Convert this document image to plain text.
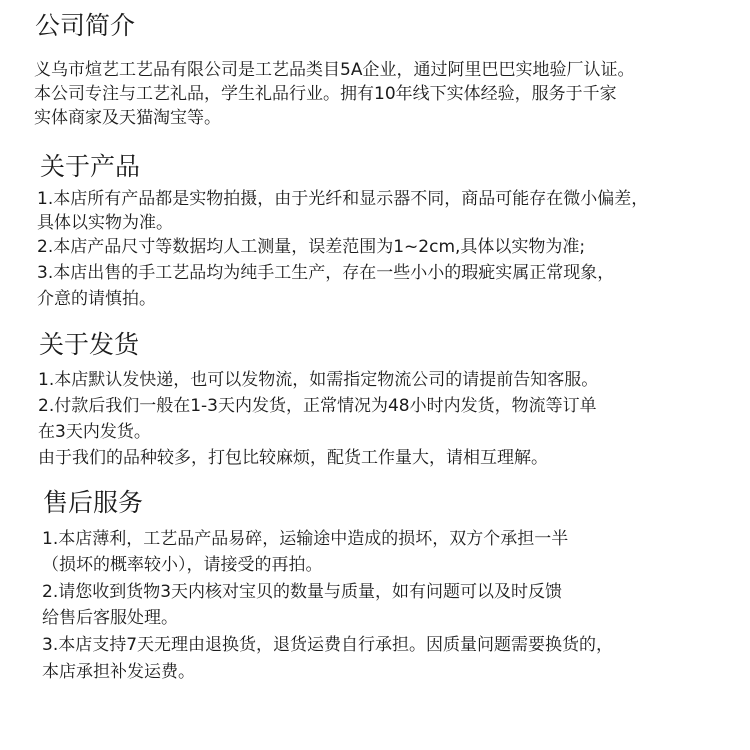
公司简介
义乌市煊艺工艺品有限公司是工艺品类目5A企业，通过阿里巴巴实地验厂认证。
本公司专注与工艺礼品，学生礼品行业。拥有10年线下实体经验，服务于千家
实体商家及天猫淘宝等。
关于产品
1.本店所有产品都是实物拍摄，由于光纤和显示器不同，商品可能存在微小偏差，
具体以实物为准。
2.本店产品尺寸等数据均人工测量，误差范围为1~2cm,具体以实物为准;
3.本店出售的手工艺品均为纯手工生产，存在一些小小的瑕疵实属正常现象，
介意的请慎拍。
关于发货
1.本店默认发快递，也可以发物流，如需指定物流公司的请提前告知客服。
2.付款后我们一般在1-3天内发货，正常情况为48小时内发货，物流等订单
在3天内发货。
由于我们的品种较多，打包比较麻烦，配货工作量大，请相互理解。
售后服务
1.本店薄利，工艺品产品易碎，运输途中造成的损坏，双方个承担一半
（损坏的概率较小），请接受的再拍。
2.请您收到货物3天内核对宝贝的数量与质量，如有问题可以及时反馈
给售后客服处理。
3.本店支持7天无理由退换货，退货运费自行承担。因质量问题需要换货的，
本店承担补发运费。
